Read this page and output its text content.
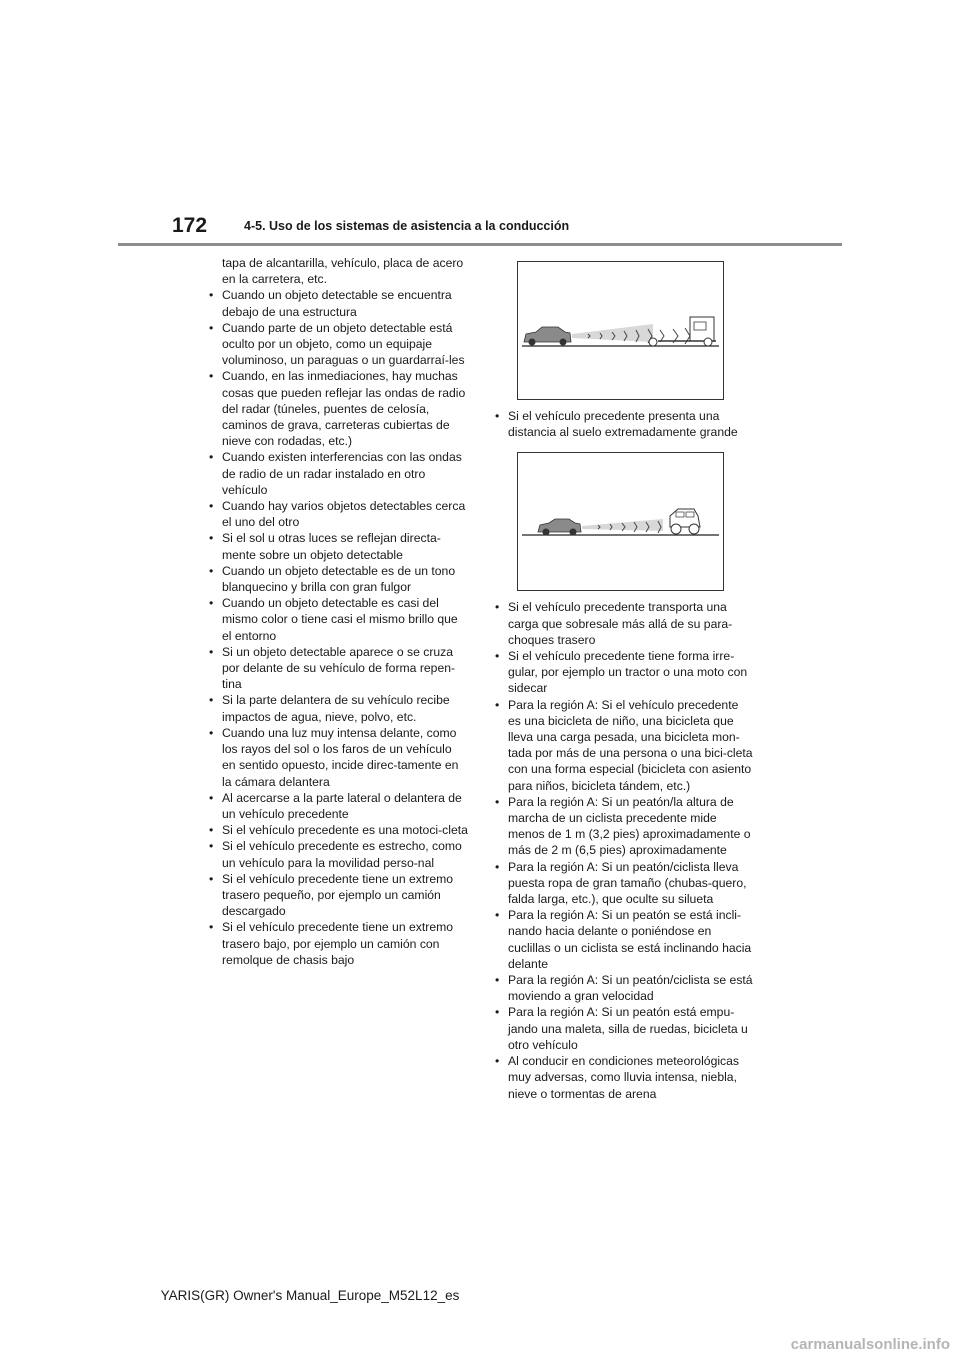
172	4-5. Uso de los sistemas de asistencia a la conducción
tapa de alcantarilla, vehículo, placa de acero en la carretera, etc.
• Cuando un objeto detectable se encuentra debajo de una estructura
• Cuando parte de un objeto detectable está oculto por un objeto, como un equipaje voluminoso, un paraguas o un guardarraí-les
• Cuando, en las inmediaciones, hay muchas cosas que pueden reflejar las ondas de radio del radar (túneles, puentes de celosía, caminos de grava, carreteras cubiertas de nieve con rodadas, etc.)
• Cuando existen interferencias con las ondas de radio de un radar instalado en otro vehículo
• Cuando hay varios objetos detectables cerca el uno del otro
• Si el sol u otras luces se reflejan directa-mente sobre un objeto detectable
• Cuando un objeto detectable es de un tono blanquecino y brilla con gran fulgor
• Cuando un objeto detectable es casi del mismo color o tiene casi el mismo brillo que el entorno
• Si un objeto detectable aparece o se cruza por delante de su vehículo de forma repen-tina
• Si la parte delantera de su vehículo recibe impactos de agua, nieve, polvo, etc.
• Cuando una luz muy intensa delante, como los rayos del sol o los faros de un vehículo en sentido opuesto, incide direc-tamente en la cámara delantera
• Al acercarse a la parte lateral o delantera de un vehículo precedente
• Si el vehículo precedente es una motoci-cleta
• Si el vehículo precedente es estrecho, como un vehículo para la movilidad perso-nal
• Si el vehículo precedente tiene un extremo trasero pequeño, por ejemplo un camión descargado
• Si el vehículo precedente tiene un extremo trasero bajo, por ejemplo un camión con remolque de chasis bajo
• Si el vehículo precedente presenta una distancia al suelo extremadamente grande
• Si el vehículo precedente transporta una carga que sobresale más allá de su para-choques trasero
• Si el vehículo precedente tiene forma irre-gular, por ejemplo un tractor o una moto con sidecar
• Para la región A: Si el vehículo precedente es una bicicleta de niño, una bicicleta que lleva una carga pesada, una bicicleta mon-tada por más de una persona o una bici-cleta con una forma especial (bicicleta con asiento para niños, bicicleta tándem, etc.)
• Para la región A: Si un peatón/la altura de marcha de un ciclista precedente mide menos de 1 m (3,2 pies) aproximadamente o más de 2 m (6,5 pies) aproximadamente
• Para la región A: Si un peatón/ciclista lleva puesta ropa de gran tamaño (chubas-quero, falda larga, etc.), que oculte su silueta
• Para la región A: Si un peatón se está incli-nando hacia delante o poniéndose en cuclillas o un ciclista se está inclinando hacia delante
• Para la región A: Si un peatón/ciclista se está moviendo a gran velocidad
• Para la región A: Si un peatón está empu-jando una maleta, silla de ruedas, bicicleta u otro vehículo
• Al conducir en condiciones meteorológicas muy adversas, como lluvia intensa, niebla, nieve o tormentas de arena
YARIS(GR) Owner's Manual_Europe_M52L12_es
carmanualsonline.info
